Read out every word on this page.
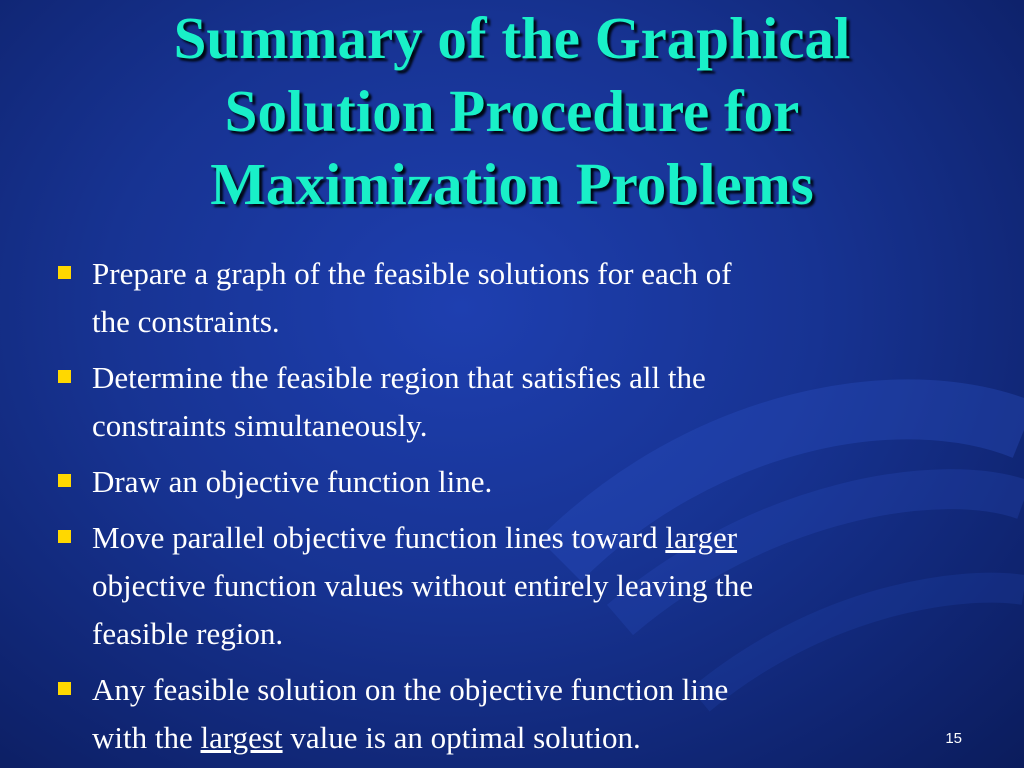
Summary of the Graphical
Solution Procedure for
Maximization Problems
Prepare a graph of the feasible solutions for each of
the constraints.
Determine the feasible region that satisfies all the
constraints simultaneously.
Draw an objective function line.
Move parallel objective function lines toward larger
objective function values without entirely leaving the
feasible region.
Any feasible solution on the objective function line
with the largest value is an optimal solution.	15
